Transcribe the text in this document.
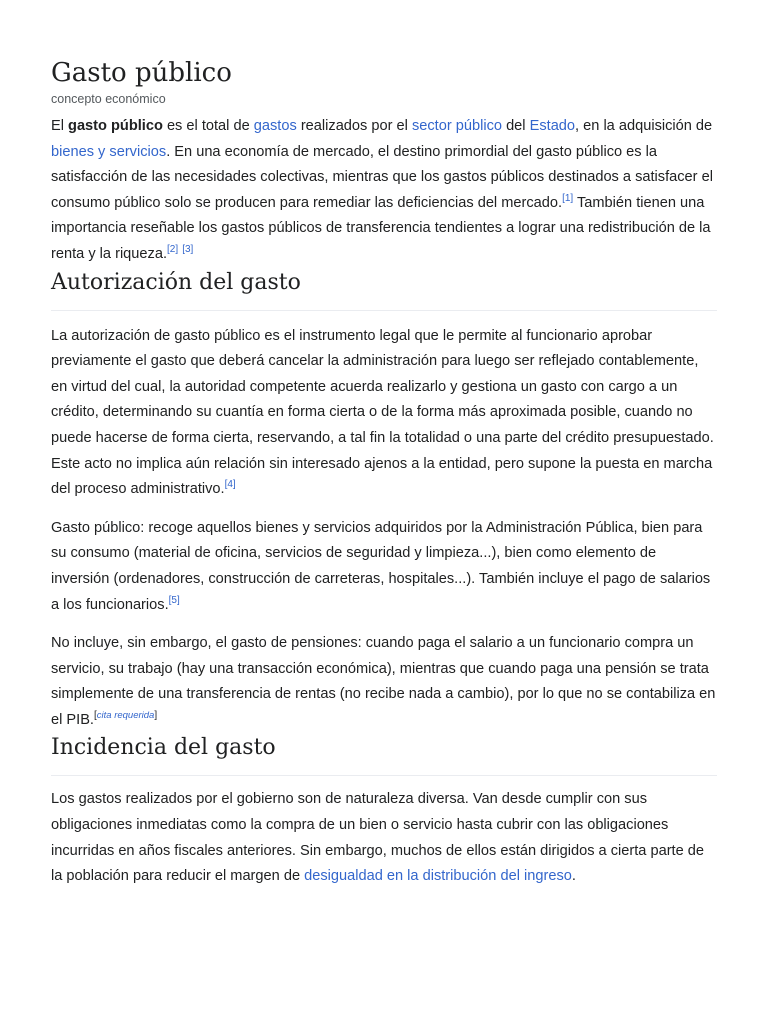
Gasto público
concepto económico

El gasto público es el total de gastos realizados por el sector público del Estado, en la adquisición de bienes y servicios. En una economía de mercado, el destino primordial del gasto público es la satisfacción de las necesidades colectivas, mientras que los gastos públicos destinados a satisfacer el consumo público solo se producen para remediar las deficiencias del mercado.[1] También tienen una importancia reseñable los gastos públicos de transferencia tendientes a lograr una redistribución de la renta y la riqueza.[2] [3]

Autorización del gasto

La autorización de gasto público es el instrumento legal que le permite al funcionario aprobar previamente el gasto que deberá cancelar la administración para luego ser reflejado contablemente, en virtud del cual, la autoridad competente acuerda realizarlo y gestiona un gasto con cargo a un crédito, determinando su cuantía en forma cierta o de la forma más aproximada posible, cuando no puede hacerse de forma cierta, reservando, a tal fin la totalidad o una parte del crédito presupuestado. Este acto no implica aún relación sin interesado ajenos a la entidad, pero supone la puesta en marcha del proceso administrativo.[4]

Gasto público: recoge aquellos bienes y servicios adquiridos por la Administración Pública, bien para su consumo (material de oficina, servicios de seguridad y limpieza...), bien como elemento de inversión (ordenadores, construcción de carreteras, hospitales...). También incluye el pago de salarios a los funcionarios.[5]

No incluye, sin embargo, el gasto de pensiones: cuando paga el salario a un funcionario compra un servicio, su trabajo (hay una transacción económica), mientras que cuando paga una pensión se trata simplemente de una transferencia de rentas (no recibe nada a cambio), por lo que no se contabiliza en el PIB.[cita requerida]

Incidencia del gasto

Los gastos realizados por el gobierno son de naturaleza diversa. Van desde cumplir con sus obligaciones inmediatas como la compra de un bien o servicio hasta cubrir con las obligaciones incurridas en años fiscales anteriores. Sin embargo, muchos de ellos están dirigidos a cierta parte de la población para reducir el margen de desigualdad en la distribución del ingreso.
